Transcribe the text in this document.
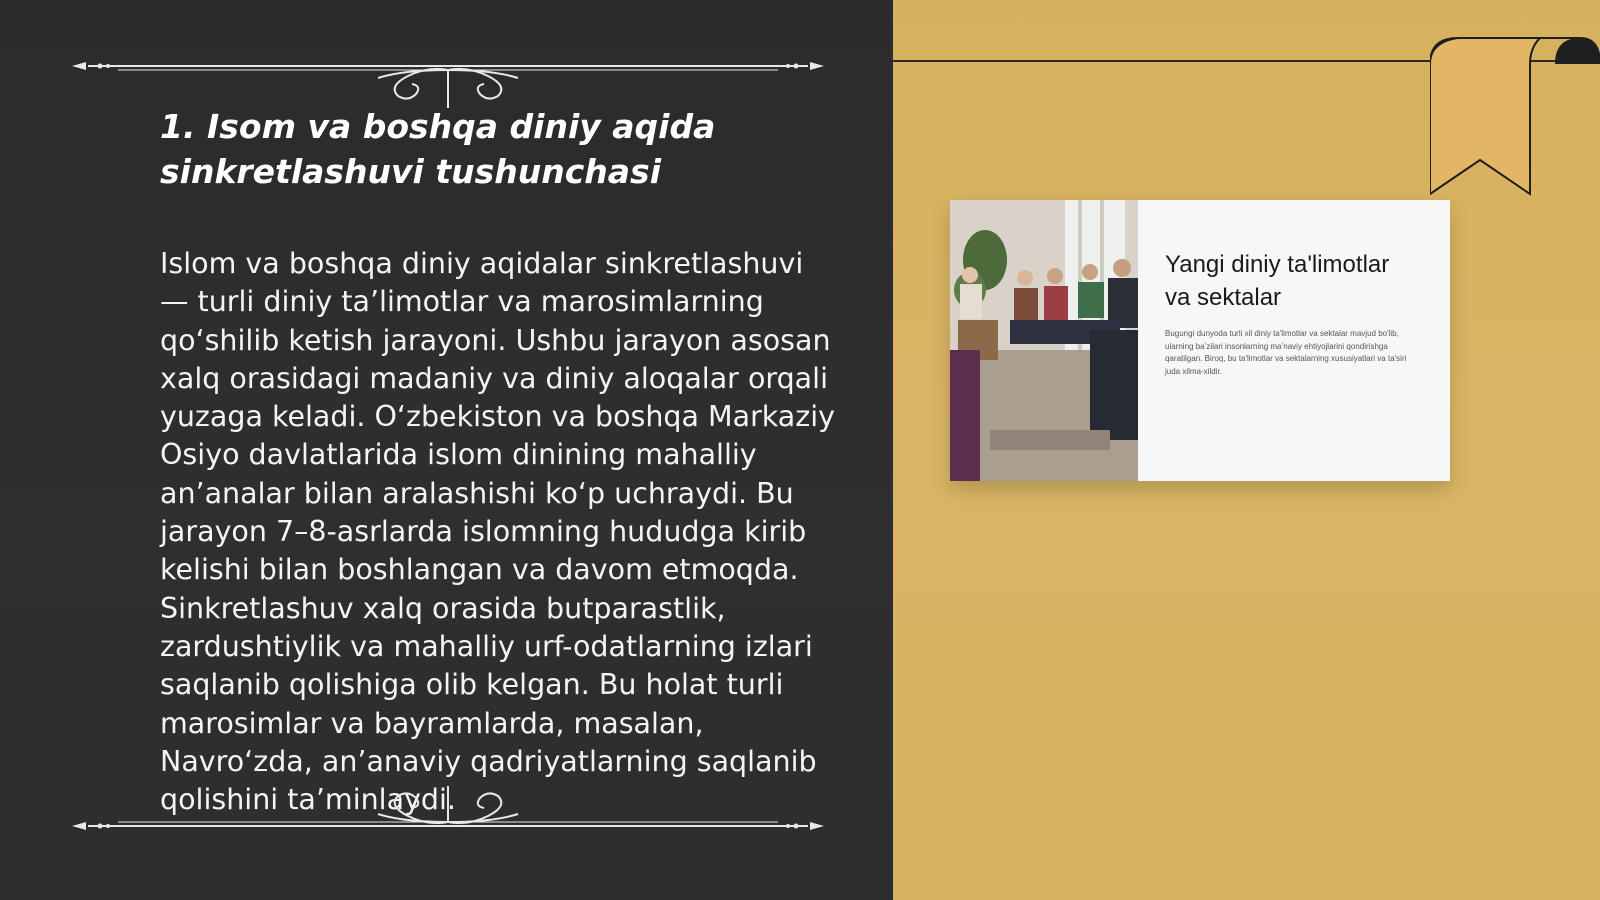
1. Isom va boshqa diniy aqida sinkretlashuvi tushunchasi

Islom va boshqa diniy aqidalar sinkretlashuvi — turli diniy ta’limotlar va marosimlarning qo‘shilib ketish jarayoni. Ushbu jarayon asosan xalq orasidagi madaniy va diniy aloqalar orqali yuzaga keladi. O‘zbekiston va boshqa Markaziy Osiyo davlatlarida islom dinining mahalliy an’analar bilan aralashishi ko‘p uchraydi. Bu jarayon 7–8-asrlarda islomning hududga kirib kelishi bilan boshlangan va davom etmoqda. Sinkretlashuv xalq orasida butparastlik, zardushtiylik va mahalliy urf-odatlarning izlari saqlanib qolishiga olib kelgan. Bu holat turli marosimlar va bayramlarda, masalan, Navro‘zda, an’anaviy qadriyatlarning saqlanib qolishini ta’minlaydi.

Yangi diniy ta'limotlar va sektalar

Bugungi dunyoda turli xil diniy ta'limotlar va sektalar mavjud bo'lib, ularning baʼzilari insonlarning maʼnaviy ehtiyojlarini qondirishga qaratilgan. Biroq, bu ta'limotlar va sektalarning xususiyatlari va ta'siri juda xilma-xildir.
